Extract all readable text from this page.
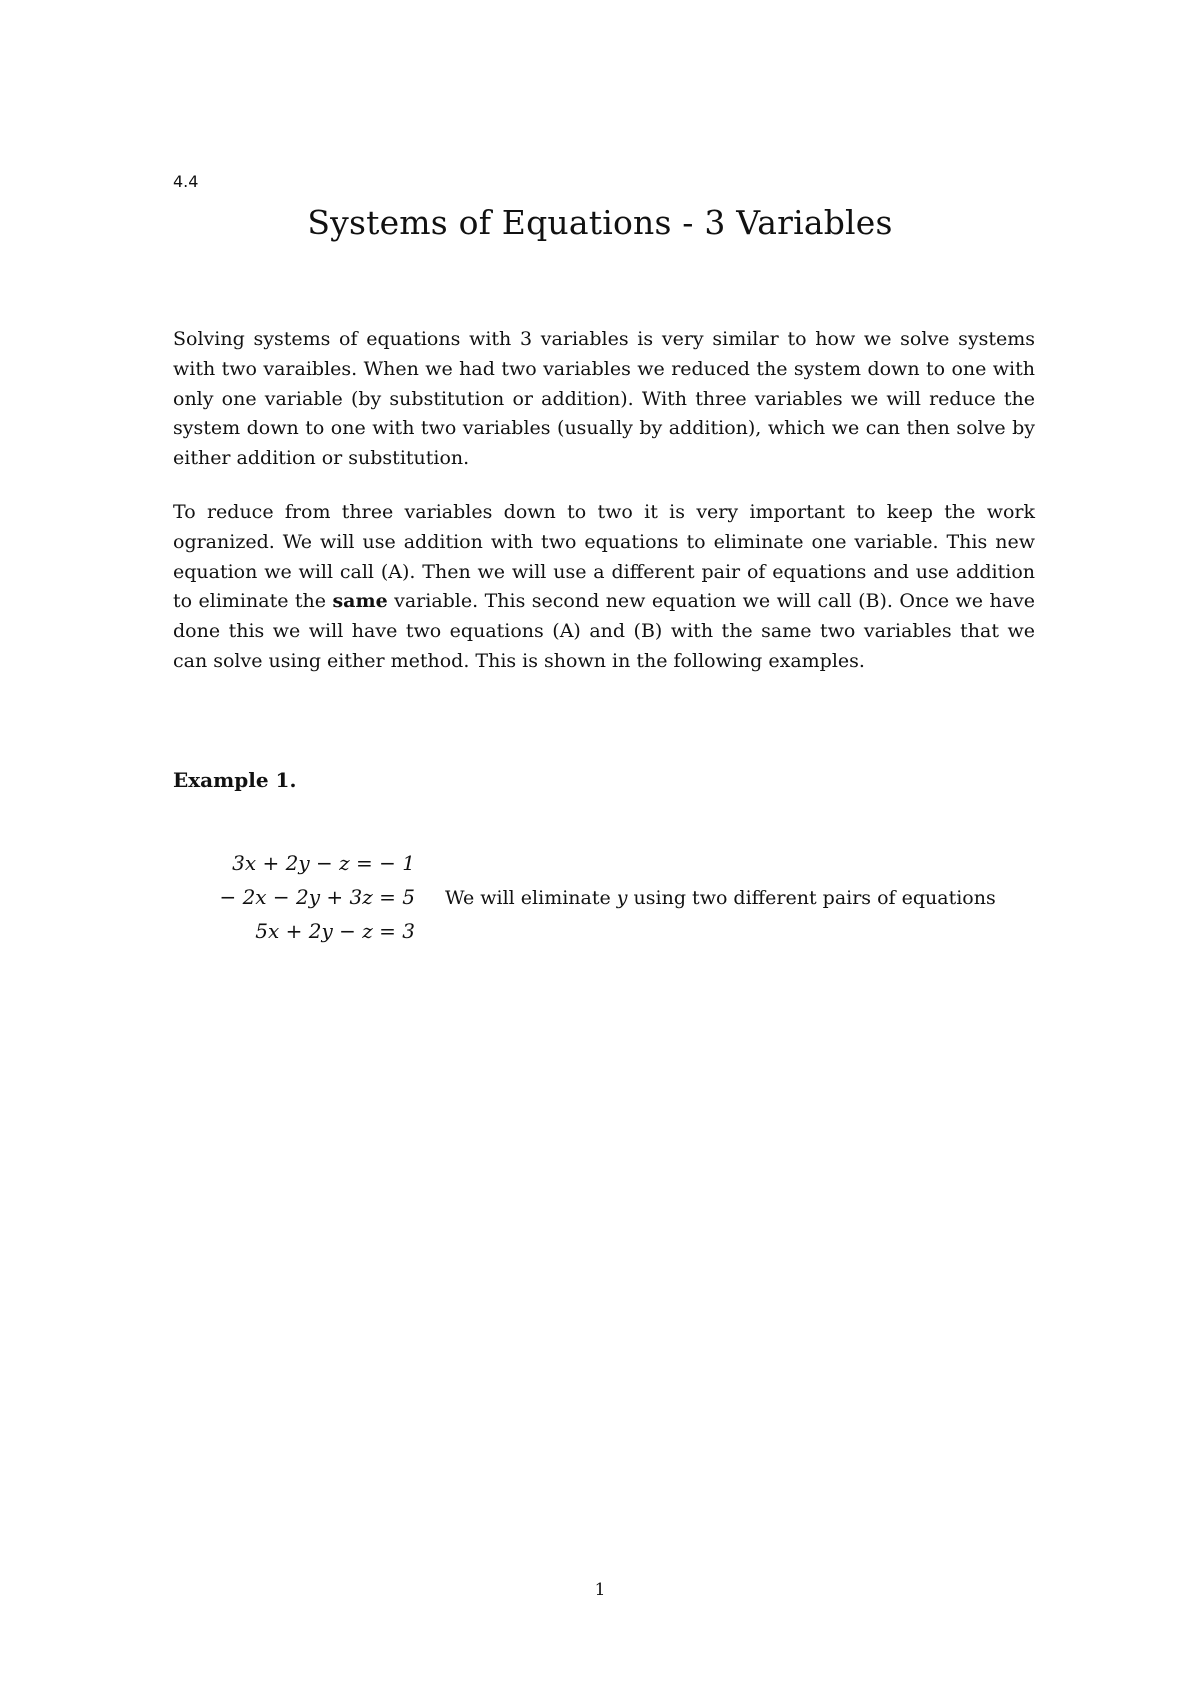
4.4
Systems of Equations - 3 Variables

Solving systems of equations with 3 variables is very similar to how we solve systems with two varaibles. When we had two variables we reduced the system down to one with only one variable (by substitution or addition). With three variables we will reduce the system down to one with two variables (usually by addition), which we can then solve by either addition or substitution.

To reduce from three variables down to two it is very important to keep the work ogranized. We will use addition with two equations to eliminate one variable. This new equation we will call (A). Then we will use a different pair of equations and use addition to eliminate the same variable. This second new equation we will call (B). Once we have done this we will have two equations (A) and (B) with the same two variables that we can solve using either method. This is shown in the following examples.

Example 1.
3x + 2y − z = − 1
− 2x − 2y + 3z = 5 We will eliminate y using two different pairs of equations
5x + 2y − z = 3
1
